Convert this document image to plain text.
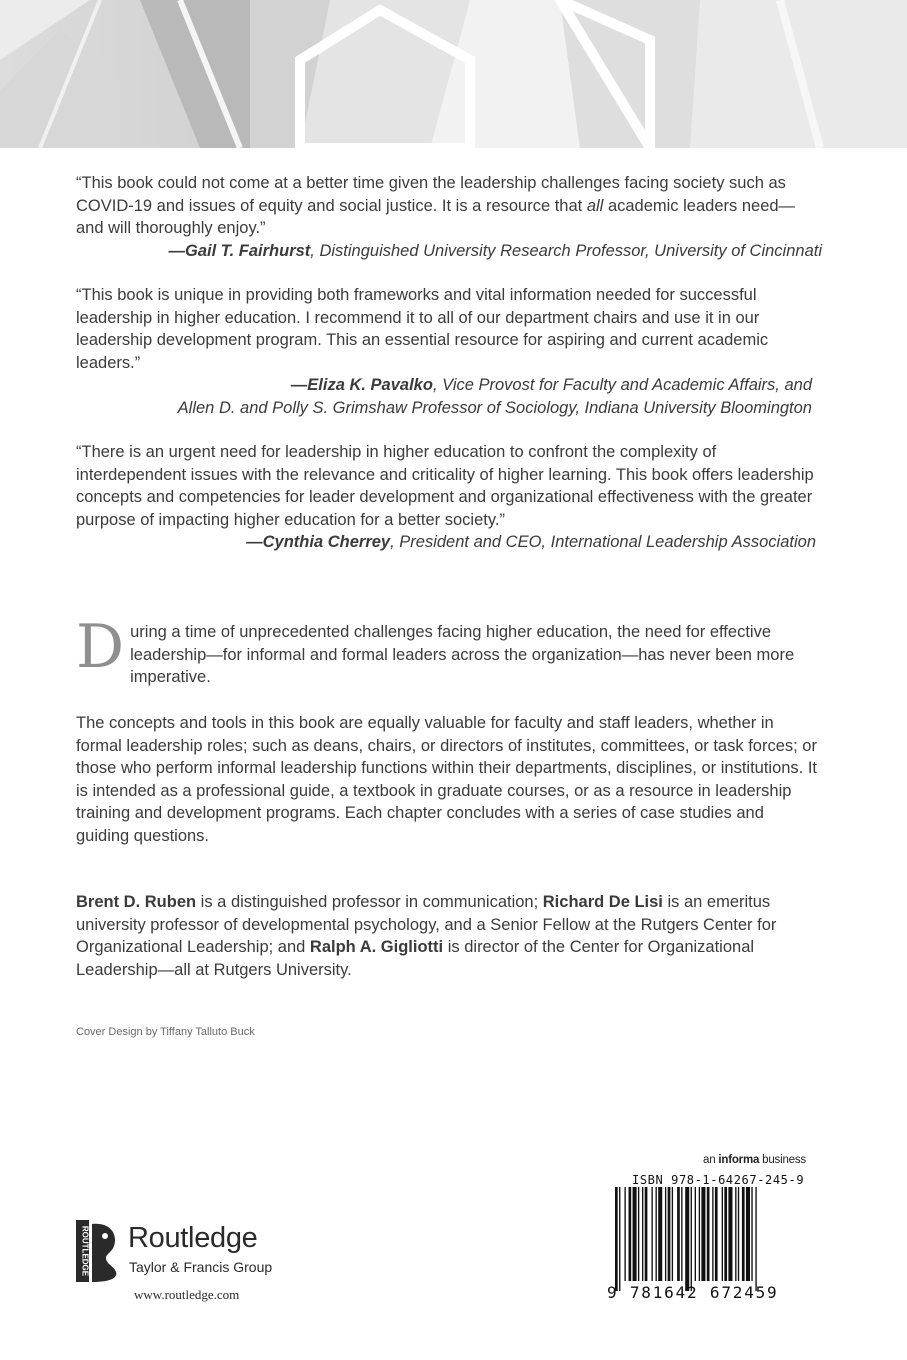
“This book could not come at a better time given the leadership challenges facing society such as COVID-19 and issues of equity and social justice. It is a resource that all academic leaders need—and will thoroughly enjoy.”

—Gail T. Fairhurst, Distinguished University Research Professor, University of Cincinnati

“This book is unique in providing both frameworks and vital information needed for successful leadership in higher education. I recommend it to all of our department chairs and use it in our leadership development program. This an essential resource for aspiring and current academic leaders.”

—Eliza K. Pavalko, Vice Provost for Faculty and Academic Affairs, and

Allen D. and Polly S. Grimshaw Professor of Sociology, Indiana University Bloomington

“There is an urgent need for leadership in higher education to confront the complexity of interdependent issues with the relevance and criticality of higher learning. This book offers leadership concepts and competencies for leader development and organizational effectiveness with the greater purpose of impacting higher education for a better society.”

—Cynthia Cherrey, President and CEO, International Leadership Association

During a time of unprecedented challenges facing higher education, the need for effective leadership—for informal and formal leaders across the organization—has never been more imperative.

The concepts and tools in this book are equally valuable for faculty and staff leaders, whether in formal leadership roles; such as deans, chairs, or directors of institutes, committees, or task forces; or those who perform informal leadership functions within their departments, disciplines, or institutions. It is intended as a professional guide, a textbook in graduate courses, or as a resource in leadership training and development programs. Each chapter concludes with a series of case studies and guiding questions.

Brent D. Ruben is a distinguished professor in communication; Richard De Lisi is an emeritus university professor of developmental psychology, and a Senior Fellow at the Rutgers Center for Organizational Leadership; and Ralph A. Gigliotti is director of the Center for Organizational Leadership—all at Rutgers University.

Cover Design by Tiffany Talluto Buck
an informa business
ISBN 978-1-64267-245-9
9 781642 672459
ROUTLEDGE Routledge
Taylor & Francis Group
www.routledge.com
